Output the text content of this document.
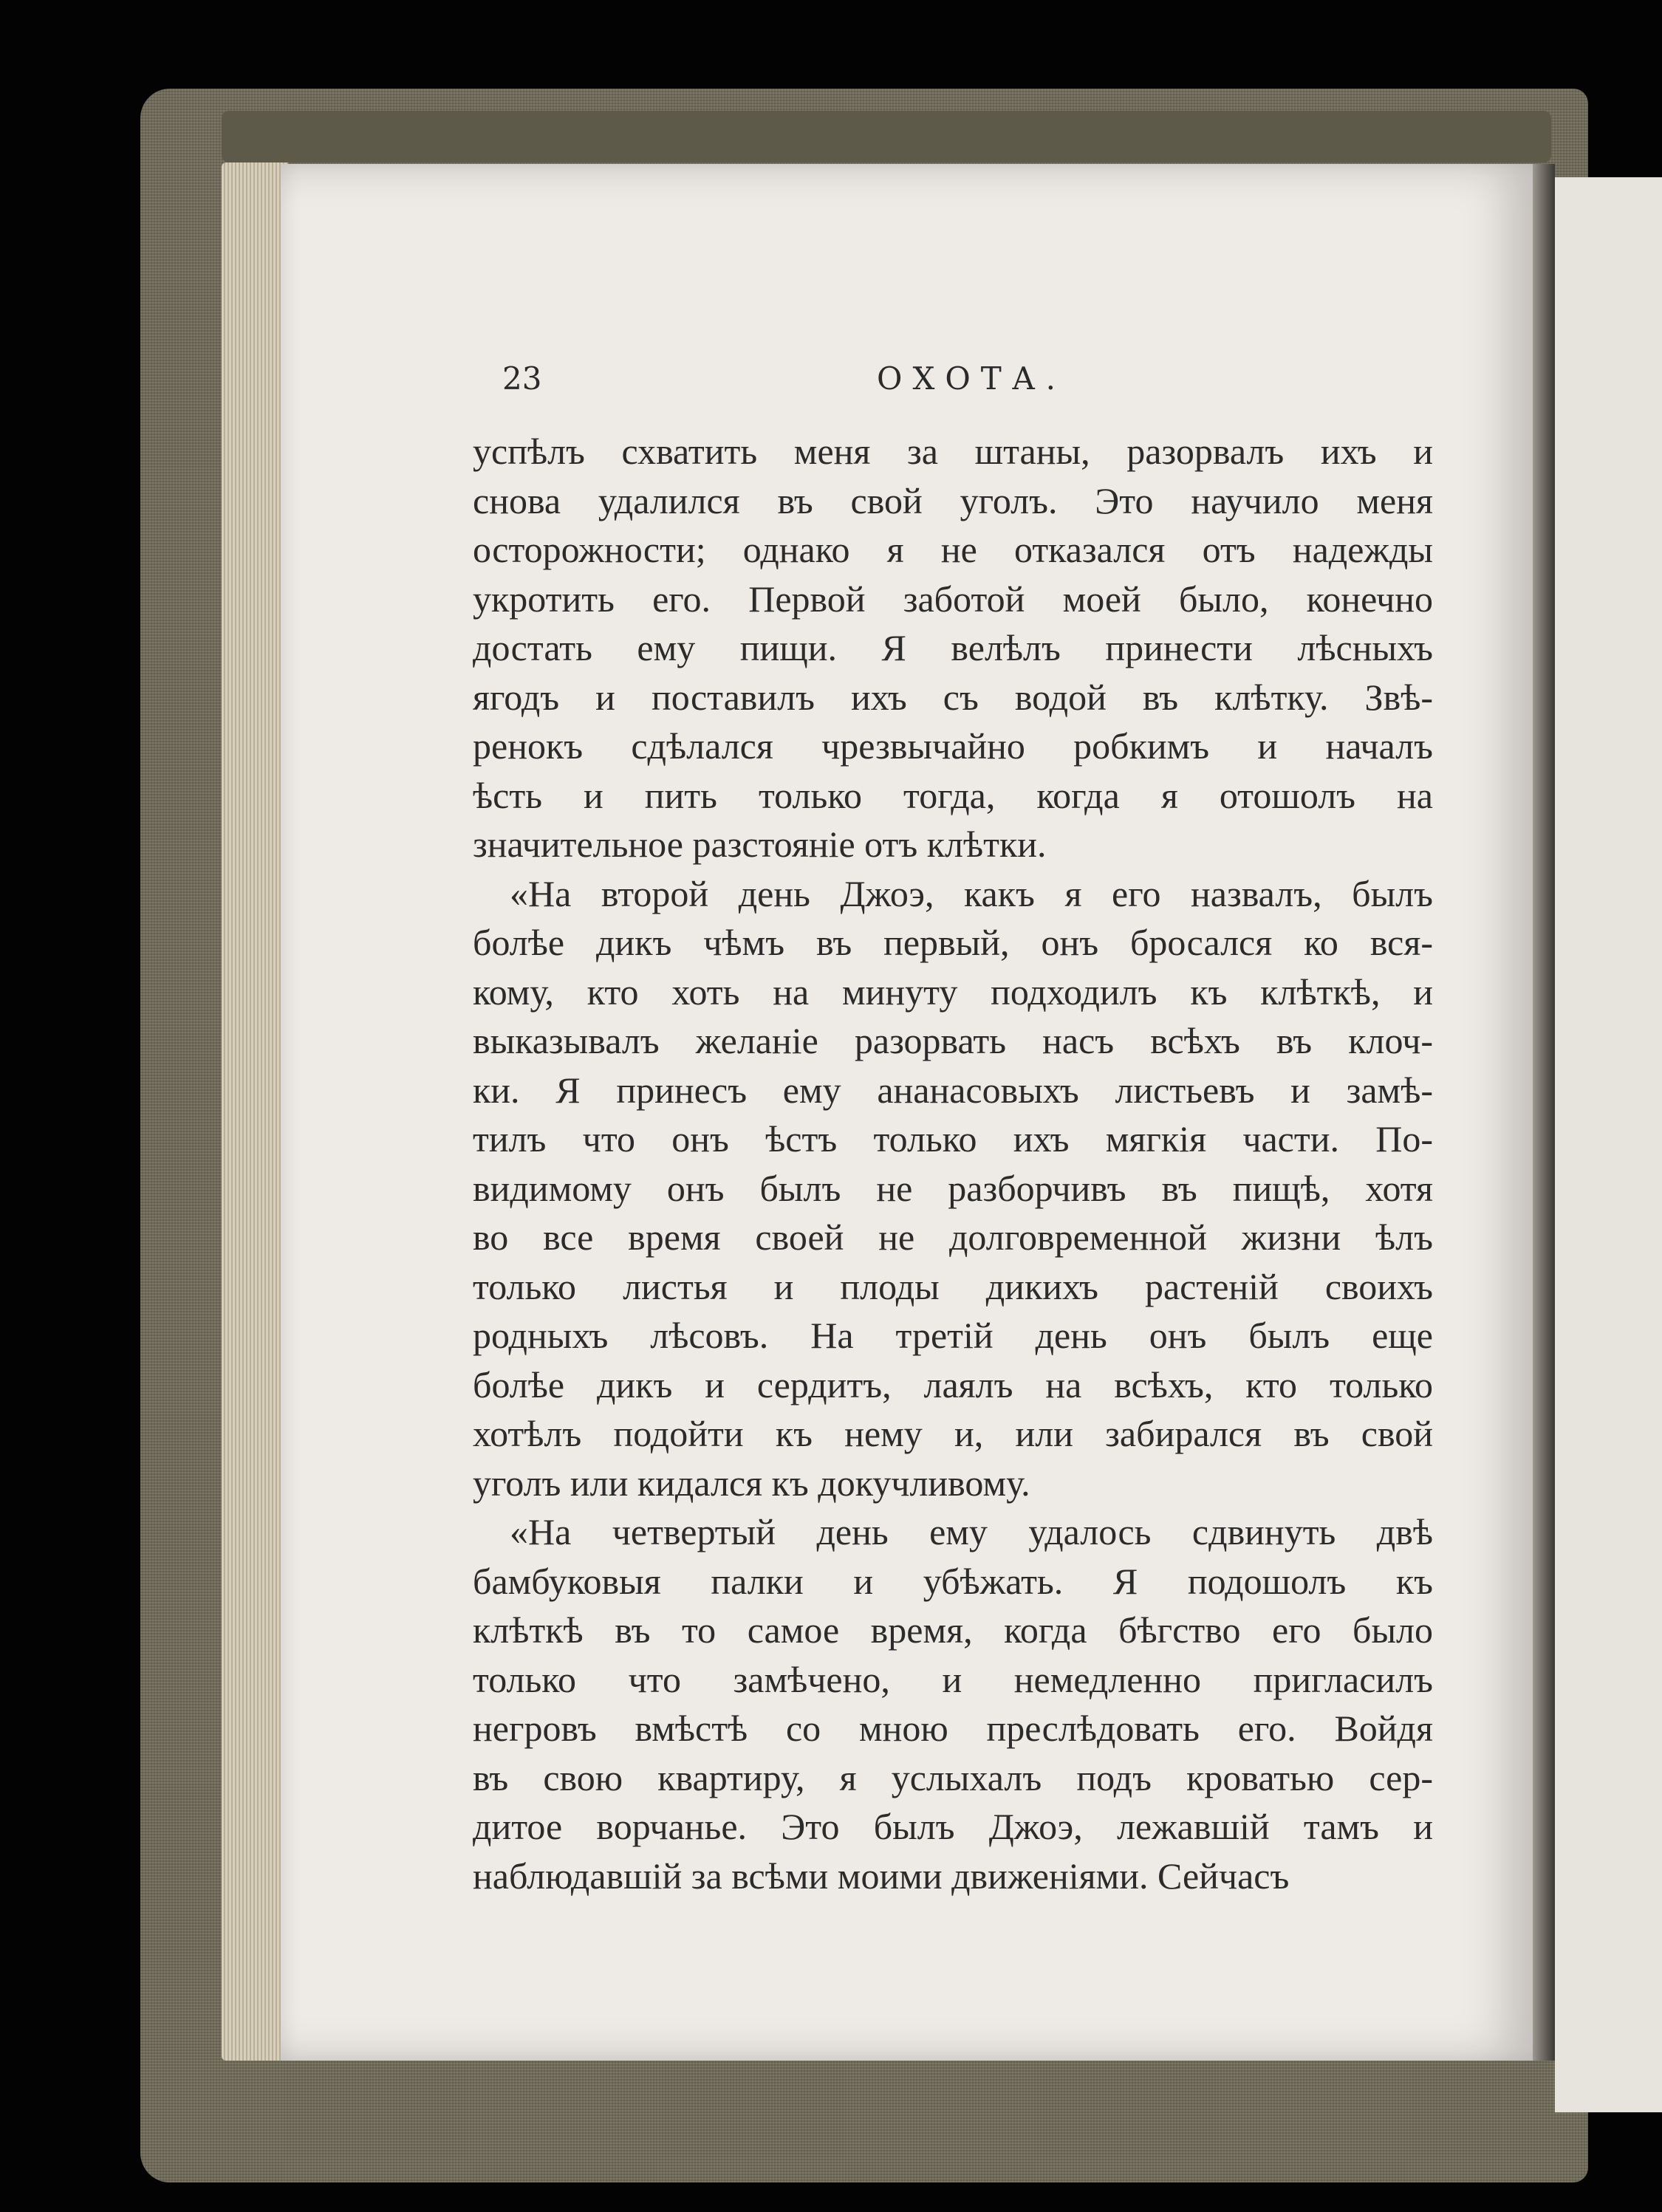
23	ОХОТА.
успѣлъ схватить меня за штаны, разорвалъ ихъ и
снова удалился въ свой уголъ. Это научило меня
осторожности; однако я не отказался отъ надежды
укротить его. Первой заботой моей было, конечно
достать ему пищи. Я велѣлъ принести лѣсныхъ
ягодъ и поставилъ ихъ съ водой въ клѣтку. Звѣ-
ренокъ сдѣлался чрезвычайно робкимъ и началъ
ѣсть и пить только тогда, когда я отошолъ на
значительное разстояніе отъ клѣтки.
«На второй день Джоэ, какъ я его назвалъ, былъ
болѣе дикъ чѣмъ въ первый, онъ бросался ко вся-
кому, кто хоть на минуту подходилъ къ клѣткѣ, и
выказывалъ желаніе разорвать насъ всѣхъ въ клоч-
ки. Я принесъ ему ананасовыхъ листьевъ и замѣ-
тилъ что онъ ѣстъ только ихъ мягкія части. По-
видимому онъ былъ не разборчивъ въ пищѣ, хотя
во все время своей не долговременной жизни ѣлъ
только листья и плоды дикихъ растеній своихъ
родныхъ лѣсовъ. На третій день онъ былъ еще
болѣе дикъ и сердитъ, лаялъ на всѣхъ, кто только
хотѣлъ подойти къ нему и, или забирался въ свой
уголъ или кидался къ докучливому.
«На четвертый день ему удалось сдвинуть двѣ
бамбуковыя палки и убѣжать. Я подошолъ къ
клѣткѣ въ то самое время, когда бѣгство его было
только что замѣчено, и немедленно пригласилъ
негровъ вмѣстѣ со мною преслѣдовать его. Войдя
въ свою квартиру, я услыхалъ подъ кроватью сер-
дитое ворчанье. Это былъ Джоэ, лежавшій тамъ и
наблюдавшій за всѣми моими движеніями. Сейчасъ
